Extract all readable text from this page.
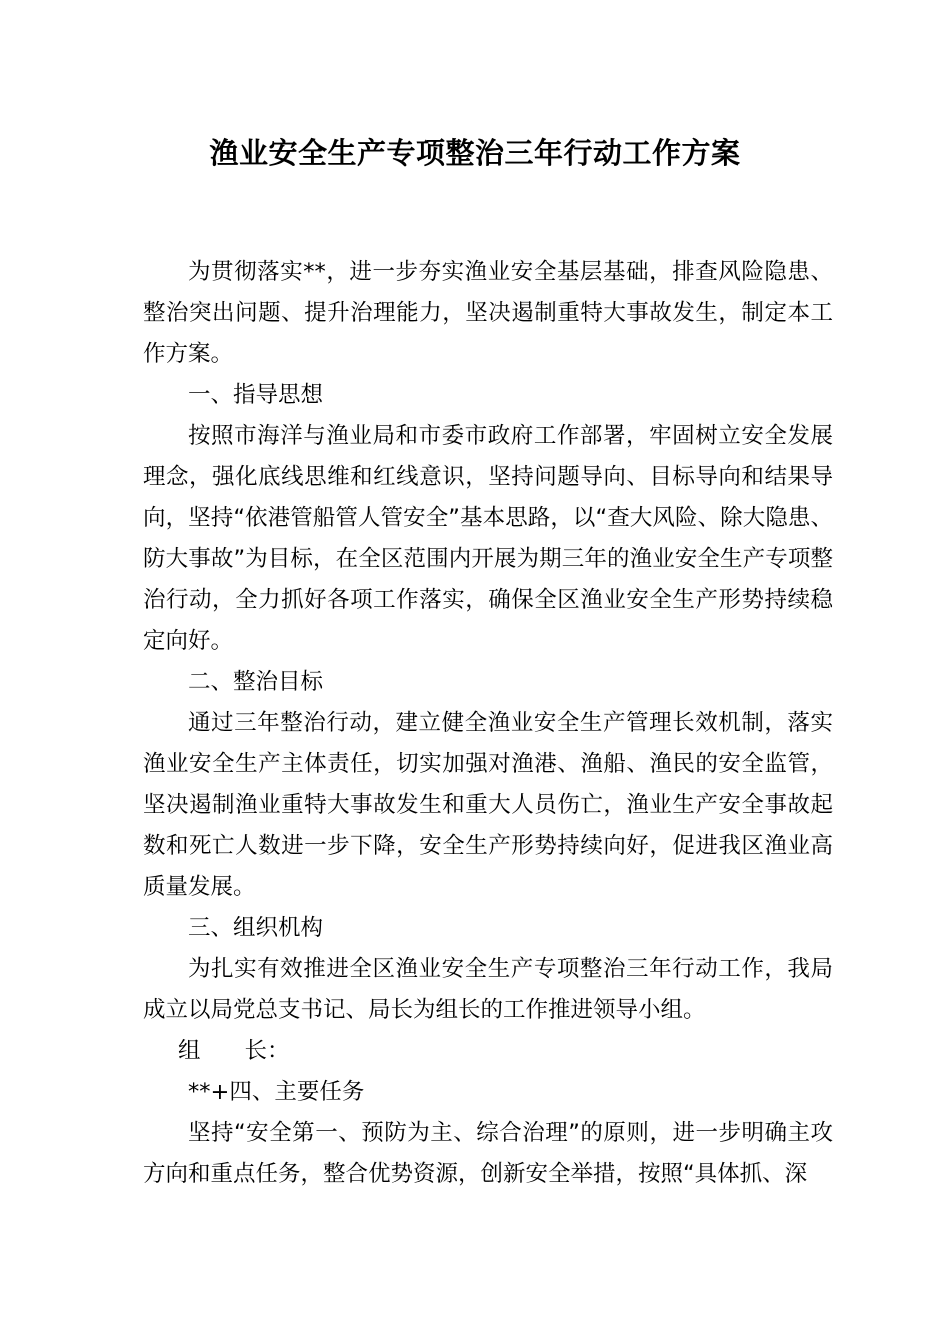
渔业安全生产专项整治三年行动工作方案

为贯彻落实**，进一步夯实渔业安全基层基础，排查风险隐患、整治突出问题、提升治理能力，坚决遏制重特大事故发生，制定本工作方案。

一、指导思想

按照市海洋与渔业局和市委市政府工作部署，牢固树立安全发展理念，强化底线思维和红线意识，坚持问题导向、目标导向和结果导向，坚持“依港管船管人管安全”基本思路，以“查大风险、除大隐患、防大事故”为目标，在全区范围内开展为期三年的渔业安全生产专项整治行动，全力抓好各项工作落实，确保全区渔业安全生产形势持续稳定向好。

二、整治目标

通过三年整治行动，建立健全渔业安全生产管理长效机制，落实渔业安全生产主体责任，切实加强对渔港、渔船、渔民的安全监管，坚决遏制渔业重特大事故发生和重大人员伤亡，渔业生产安全事故起数和死亡人数进一步下降，安全生产形势持续向好，促进我区渔业高质量发展。

三、组织机构

为扎实有效推进全区渔业安全生产专项整治三年行动工作，我局成立以局党总支书记、局长为组长的工作推进领导小组。

组 长：

**+四、主要任务

坚持“安全第一、预防为主、综合治理”的原则，进一步明确主攻方向和重点任务，整合优势资源，创新安全举措，按照“具体抓、深
